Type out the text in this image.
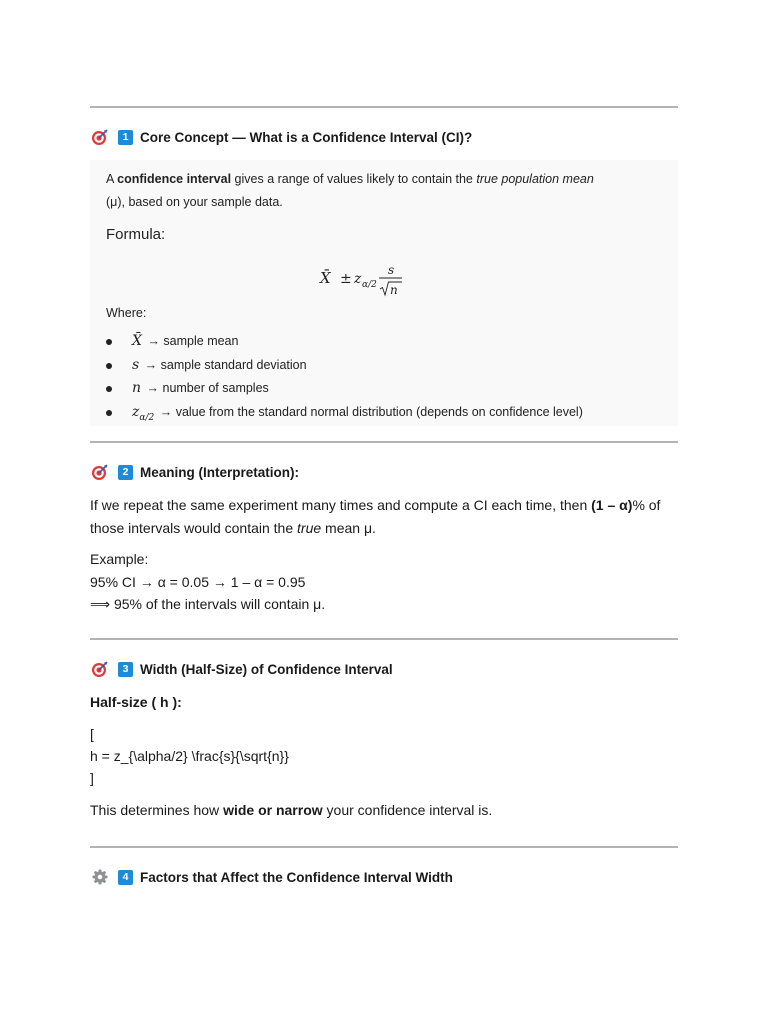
1 Core Concept — What is a Confidence Interval (CI)?
A confidence interval gives a range of values likely to contain the true population mean
(μ), based on your sample data.
Formula:
X̄ ± z α/2
s
n
Where:
X̄ → sample mean
s → sample standard deviation
n → number of samples
$z_{\alpha/2}$ → value from the standard normal distribution (depends on confidence level)
2 Meaning (Interpretation):

If we repeat the same experiment many times and compute a CI each time, then (1 – α)% of
those intervals would contain the true mean μ.

Example:

95% CI → α = 0.05 → 1 – α = 0.95

⟹ 95% of the intervals will contain μ.

3 Width (Half-Size) of Confidence Interval
Half-size ( h ):
[
h = z_{\alpha/2} \frac{s}{\sqrt{n}}
]

This determines how wide or narrow your confidence interval is.

4 Factors that Affect the Confidence Interval Width
